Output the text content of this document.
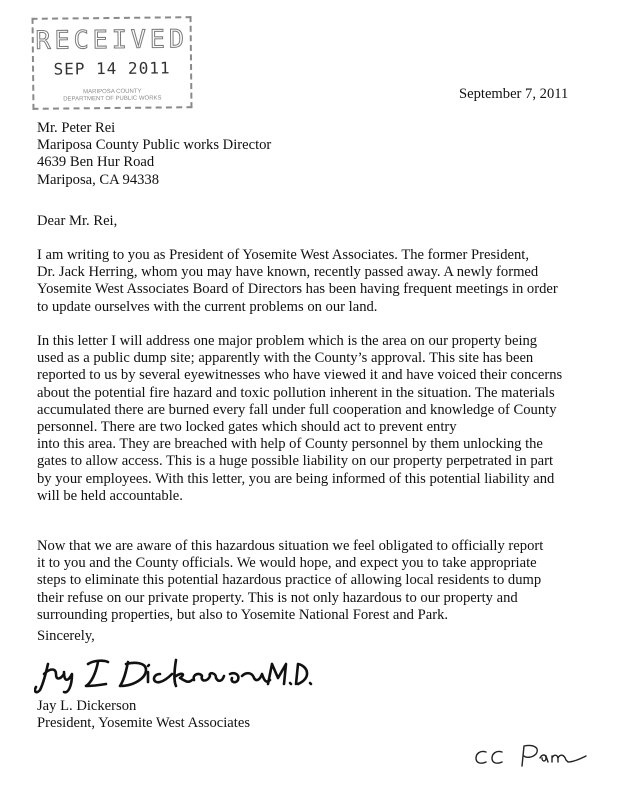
RECEIVED
SEP 14 2011
MARIPOSA COUNTY
DEPARTMENT OF PUBLIC WORKS	September 7, 2011
Mr. Peter Rei
Mariposa County Public works Director
4639 Ben Hur Road
Mariposa, CA 94338
Dear Mr. Rei,
I am writing to you as President of Yosemite West Associates. The former President,
Dr. Jack Herring, whom you may have known, recently passed away. A newly formed
Yosemite West Associates Board of Directors has been having frequent meetings in order
to update ourselves with the current problems on our land.
In this letter I will address one major problem which is the area on our property being
used as a public dump site; apparently with the County’s approval. This site has been
reported to us by several eyewitnesses who have viewed it and have voiced their concerns
about the potential fire hazard and toxic pollution inherent in the situation. The materials
accumulated there are burned every fall under full cooperation and knowledge of County
personnel. There are two locked gates which should act to prevent entry
into this area. They are breached with help of County personnel by them unlocking the
gates to allow access. This is a huge possible liability on our property perpetrated in part
by your employees. With this letter, you are being informed of this potential liability and
will be held accountable.
Now that we are aware of this hazardous situation we feel obligated to officially report
it to you and the County officials. We would hope, and expect you to take appropriate
steps to eliminate this potential hazardous practice of allowing local residents to dump
their refuse on our private property. This is not only hazardous to our property and
surrounding properties, but also to Yosemite National Forest and Park.
Sincerely,
Jay L. Dickerson
President, Yosemite West Associates
